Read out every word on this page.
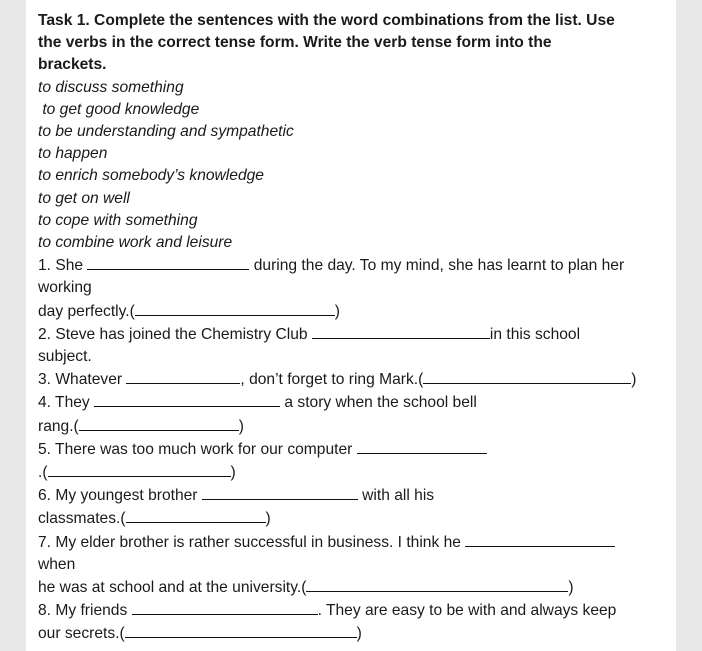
Task 1. Complete the sentences with the word combinations from the list. Use
the verbs in the correct tense form. Write the verb tense form into the
brackets.
to discuss something
to get good knowledge
to be understanding and sympathetic
to happen
to enrich somebody’s knowledge
to get on well
to cope with something
to combine work and leisure
1. She	during the day. To my mind, she has learnt to plan her
working
day perfectly.(	)
2. Steve has joined the Chemistry Club	in this school
subject.
3. Whatever	, don’t forget to ring Mark.(	)
4. They	a story when the school bell
rang.(	)
5. There was too much work for our computer
.(	)
6. My youngest brother	with all his
classmates.(	)
7. My elder brother is rather successful in business. I think he
when
he was at school and at the university.(	)
8. My friends	. They are easy to be with and always keep
our secrets.(	)
